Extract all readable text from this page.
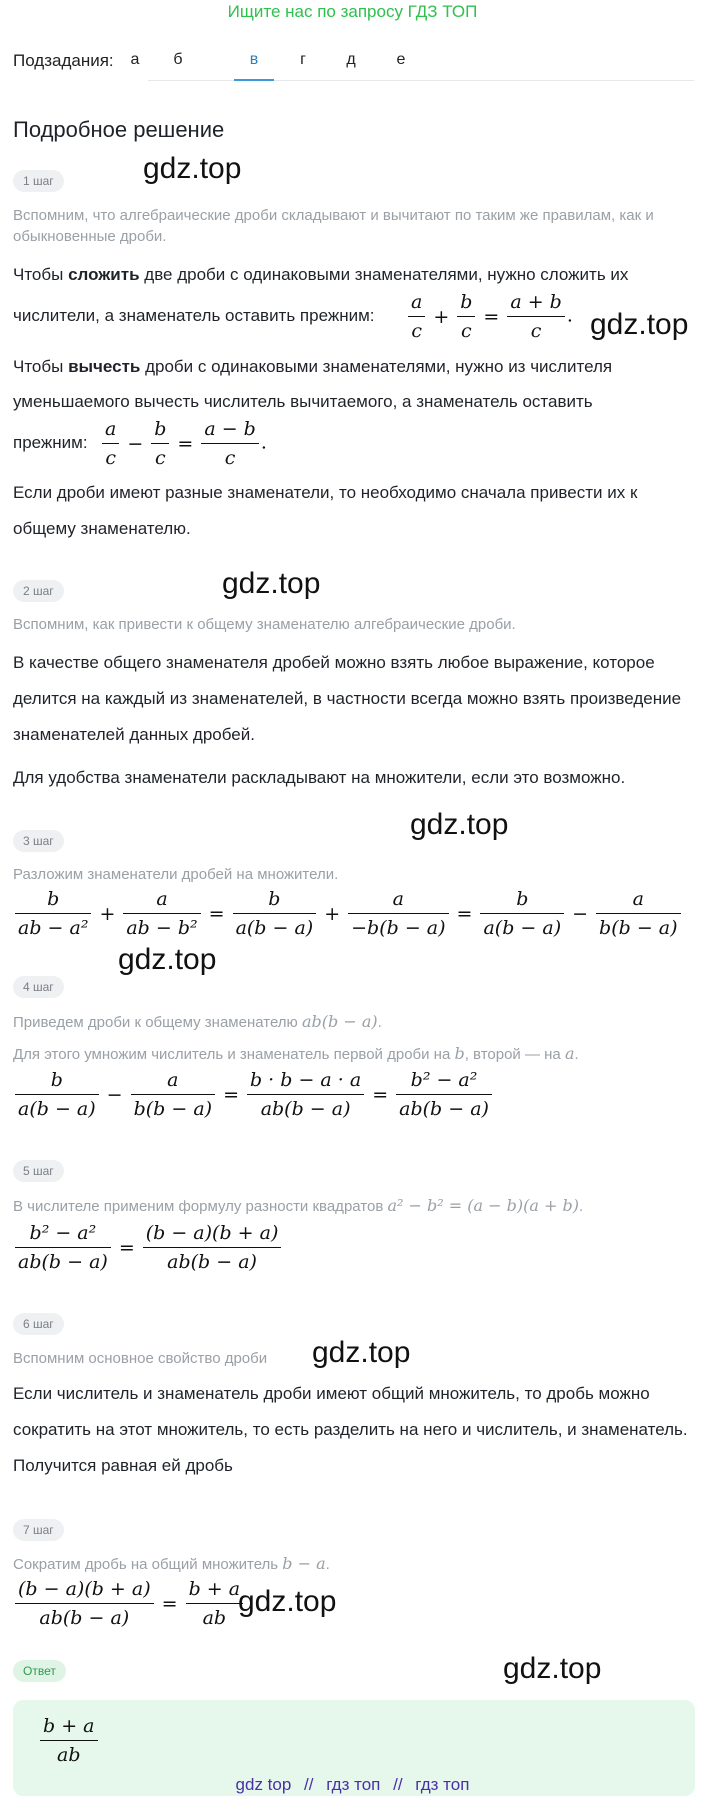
Ищите нас по запросу ГДЗ ТОП
Подзадания:	а	б	в	г	д	е
Подробное решение
1 шаг	gdz.top
Вспомним, что алгебраические дроби складывают и вычитают по таким же правилам, как и обыкновенные дроби.
Чтобы сложить две дроби с одинаковыми знаменателями, нужно сложить их
числители, а знаменатель оставить прежним:	$\frac{a}{c} + \frac{b}{c} = \frac{a + b}{c}$ . gdz.top
Чтобы вычесть дроби с одинаковыми знаменателями, нужно из числителя
уменьшаемого вычесть числитель вычитаемого, а знаменатель оставить
прежним: $\frac{a}{c} - \frac{b}{c} = \frac{a - b}{c}$ .
Если дроби имеют разные знаменатели, то необходимо сначала привести их к общему знаменателю.
2 шаг	gdz.top
Вспомним, как привести к общему знаменателю алгебраические дроби.
В качестве общего знаменателя дробей можно взять любое выражение, которое делится на каждый из знаменателей, в частности всегда можно взять произведение знаменателей данных дробей.
Для удобства знаменатели раскладывают на множители, если это возможно.
3 шаг	gdz.top
Разложим знаменатели дробей на множители.
$\frac{b}{\text{ab − a²}} + \frac{a}{\text{ab − b²}} = \frac{b}{a(b - a)} + \frac{a}{-b(b - a)} = \frac{b}{a(b - a)} - \frac{a}{b(b - a)}$
gdz.top
4 шаг
Приведем дроби к общему знаменателю ab(b − a).
Для этого умножим числитель и знаменатель первой дроби на b, второй — на a.
$\frac{b}{a(b - a)} - \frac{a}{b(b - a)} = \frac{b \cdot b - a \cdot a}{ab(b - a)} = \frac{\text{b² − a²}}{ab(b - a)}$
5 шаг
В числителе применим формулу разности квадратов a² − b² = (a − b)(a + b).
$\frac{\text{b² − a²}}{ab(b - a)} = \frac{(b - a)(b + a)}{ab(b - a)}$
6 шаг
Вспомним основное свойство дроби	gdz.top
Если числитель и знаменатель дроби имеют общий множитель, то дробь можно сократить на этот множитель, то есть разделить на него и числитель, и знаменатель. Получится равная ей дробь
7 шаг
Сократим дробь на общий множитель b − a.
$\frac{(b - a)(b + a)}{ab(b - a)} = \frac{b + a}{ab}$
gdz.top
Ответ	gdz.top
$\frac{b + a}{ab}$
gdz top // гдз топ // гдз топ
